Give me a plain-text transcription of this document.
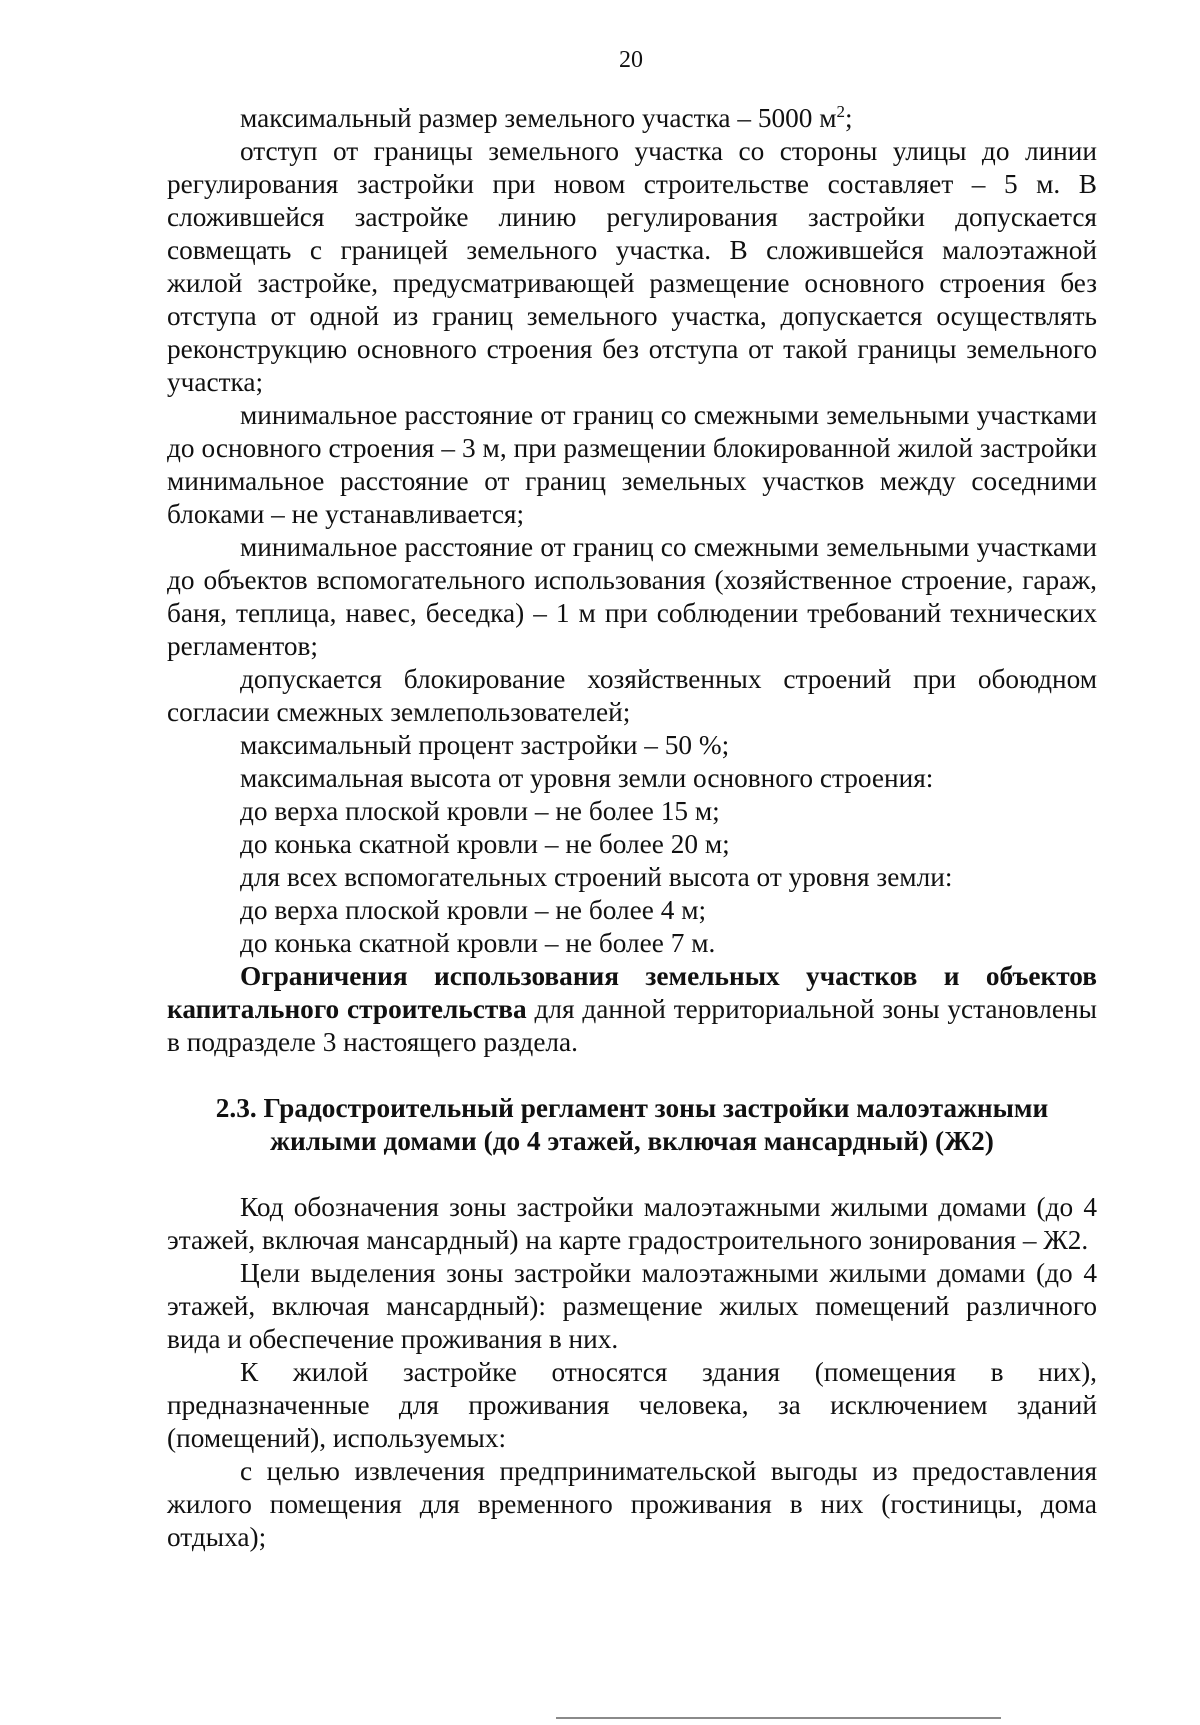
20

максимальный размер земельного участка – 5000 $м^2$;

отступ от границы земельного участка со стороны улицы до линии регулирования застройки при новом строительстве составляет – 5 м. В сложившейся застройке линию регулирования застройки допускается совмещать с границей земельного участка. В сложившейся малоэтажной жилой застройке, предусматривающей размещение основного строения без отступа от одной из границ земельного участка, допускается осуществлять реконструкцию основного строения без отступа от такой границы земельного участка;

минимальное расстояние от границ со смежными земельными участками до основного строения – 3 м, при размещении блокированной жилой застройки минимальное расстояние от границ земельных участков между соседними блоками – не устанавливается;

минимальное расстояние от границ со смежными земельными участками до объектов вспомогательного использования (хозяйственное строение, гараж, баня, теплица, навес, беседка) – 1 м при соблюдении требований технических регламентов;

допускается блокирование хозяйственных строений при обоюдном согласии смежных землепользователей;

максимальный процент застройки – 50 %;

максимальная высота от уровня земли основного строения:

до верха плоской кровли – не более 15 м;

до конька скатной кровли – не более 20 м;

для всех вспомогательных строений высота от уровня земли:

до верха плоской кровли – не более 4 м;

до конька скатной кровли – не более 7 м.

Ограничения использования земельных участков и объектов капитального строительства для данной территориальной зоны установлены в подразделе 3 настоящего раздела.

2.3. Градостроительный регламент зоны застройки малоэтажными
жилыми домами (до 4 этажей, включая мансардный) (Ж2)

Код обозначения зоны застройки малоэтажными жилыми домами (до 4 этажей, включая мансардный) на карте градостроительного зонирования – Ж2.

Цели выделения зоны застройки малоэтажными жилыми домами (до 4 этажей, включая мансардный): размещение жилых помещений различного вида и обеспечение проживания в них.

К жилой застройке относятся здания (помещения в них), предназначенные для проживания человека, за исключением зданий (помещений), используемых:

с целью извлечения предпринимательской выгоды из предоставления жилого помещения для временного проживания в них (гостиницы, дома отдыха);
